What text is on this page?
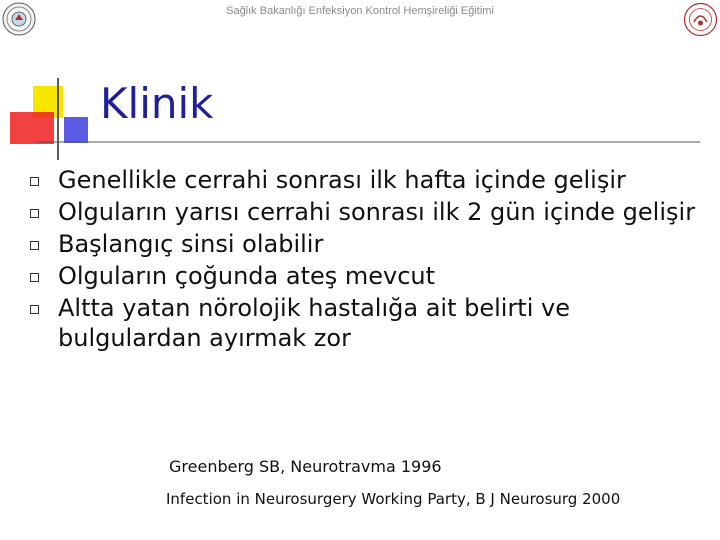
Sağlık Bakanlığı Enfeksiyon Kontrol Hemşireliği Eğitimi
Klinik
Genellikle cerrahi sonrası ilk hafta içinde gelişir
Olguların yarısı cerrahi sonrası ilk 2 gün içinde gelişir
Başlangıç sinsi olabilir
Olguların çoğunda ateş mevcut
Altta yatan nörolojik hastalığa ait belirti ve bulgulardan ayırmak zor
Greenberg SB, Neurotravma 1996
Infection in Neurosurgery Working Party, B J Neurosurg 2000
